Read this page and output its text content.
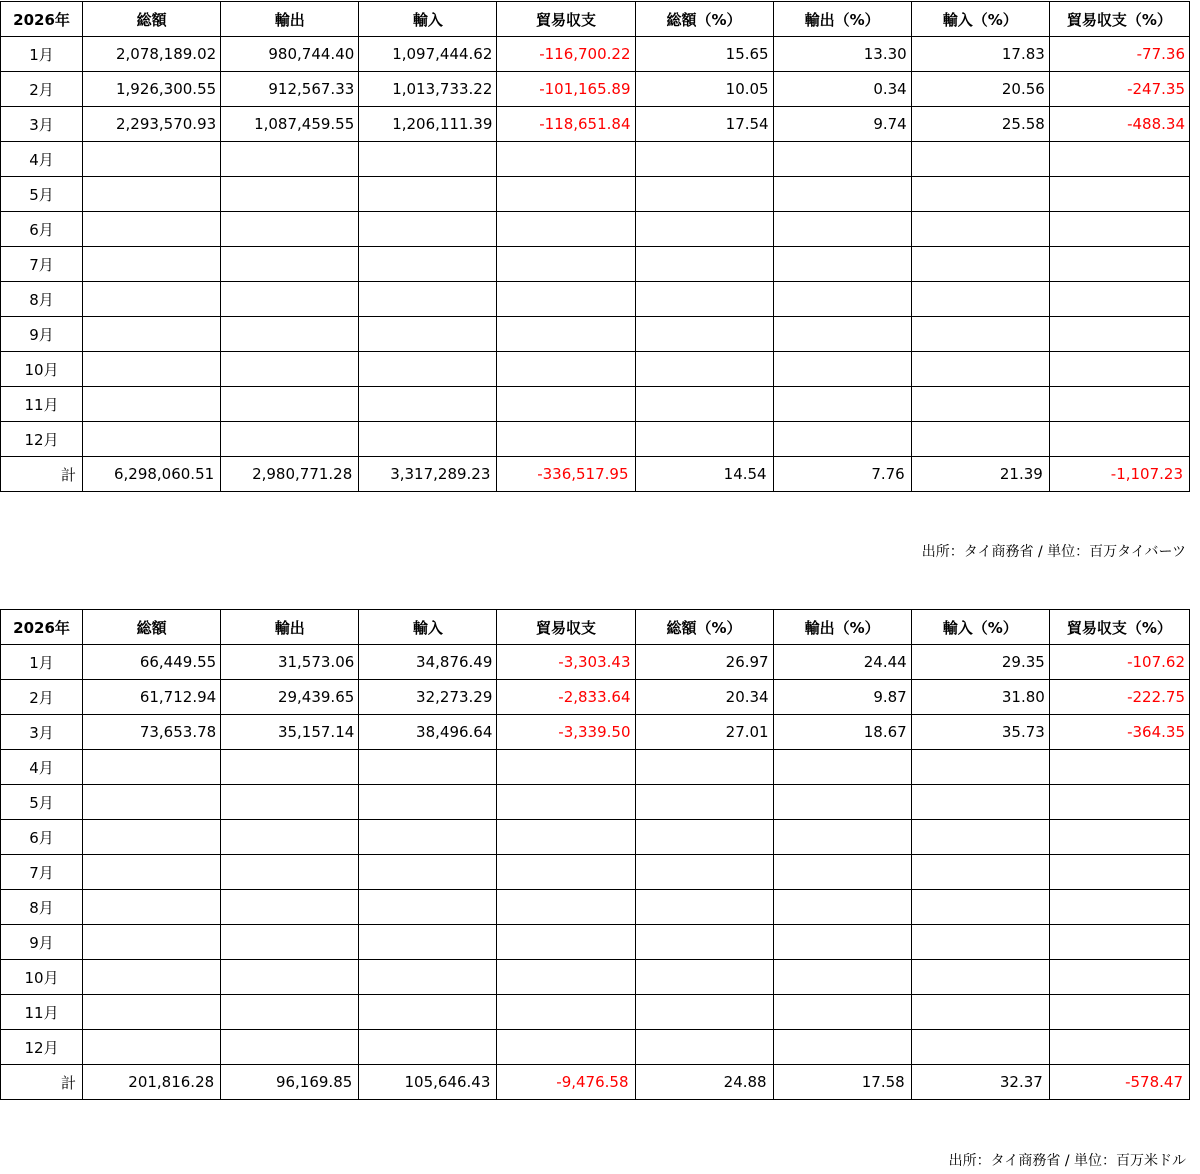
2026年	総額	輸出	輸入	貿易収支	総額（%）	輸出（%）	輸入（%）	貿易収支（%）
1月	2,078,189.02	980,744.40	1,097,444.62	-116,700.22	15.65	13.30	17.83	-77.36
2月	1,926,300.55	912,567.33	1,013,733.22	-101,165.89	10.05	0.34	20.56	-247.35
3月	2,293,570.93	1,087,459.55	1,206,111.39	-118,651.84	17.54	9.74	25.58	-488.34
4月								
5月								
6月								
7月								
8月								
9月								
10月								
11月								
12月								
計	6,298,060.51	2,980,771.28	3,317,289.23	-336,517.95	14.54	7.76	21.39	-1,107.23
出所：タイ商務省 / 単位：百万タイバーツ
2026年	総額	輸出	輸入	貿易収支	総額（%）	輸出（%）	輸入（%）	貿易収支（%）
1月	66,449.55	31,573.06	34,876.49	-3,303.43	26.97	24.44	29.35	-107.62
2月	61,712.94	29,439.65	32,273.29	-2,833.64	20.34	9.87	31.80	-222.75
3月	73,653.78	35,157.14	38,496.64	-3,339.50	27.01	18.67	35.73	-364.35
4月								
5月								
6月								
7月								
8月								
9月								
10月								
11月								
12月								
計	201,816.28	96,169.85	105,646.43	-9,476.58	24.88	17.58	32.37	-578.47
出所：タイ商務省 / 単位：百万米ドル
